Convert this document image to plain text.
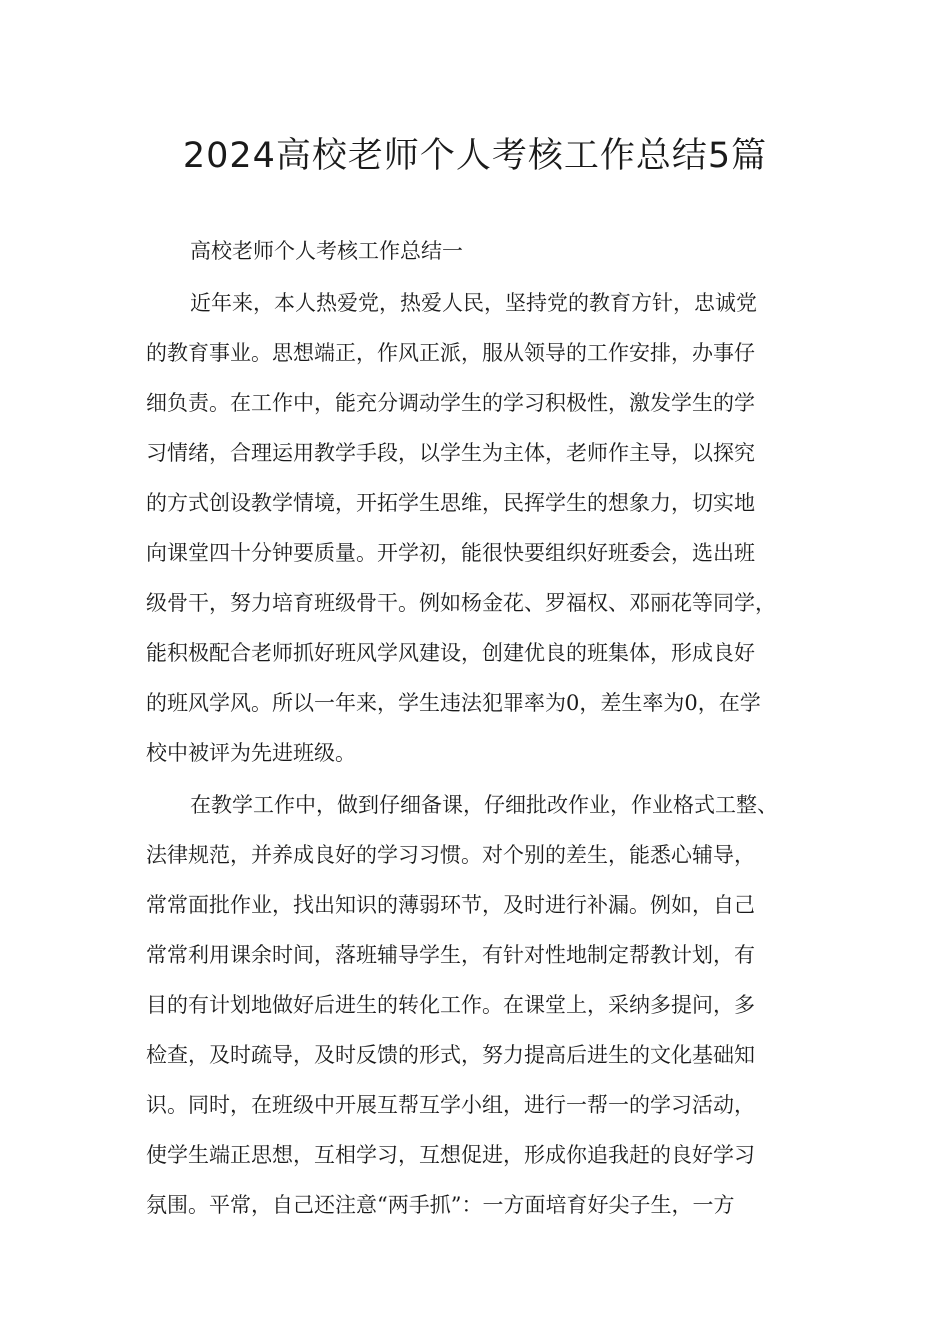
2024高校老师个人考核工作总结5篇
高校老师个人考核工作总结一
近年来，本人热爱党，热爱人民，坚持党的教育方针，忠诚党
的教育事业。思想端正，作风正派，服从领导的工作安排，办事仔
细负责。在工作中，能充分调动学生的学习积极性，激发学生的学
习情绪，合理运用教学手段，以学生为主体，老师作主导，以探究
的方式创设教学情境，开拓学生思维，民挥学生的想象力，切实地
向课堂四十分钟要质量。开学初，能很快要组织好班委会，选出班
级骨干，努力培育班级骨干。例如杨金花、罗福权、邓丽花等同学，
能积极配合老师抓好班风学风建设，创建优良的班集体，形成良好
的班风学风。所以一年来，学生违法犯罪率为0，差生率为0，在学
校中被评为先进班级。
在教学工作中，做到仔细备课，仔细批改作业，作业格式工整、
法律规范，并养成良好的学习习惯。对个别的差生，能悉心辅导，
常常面批作业，找出知识的薄弱环节，及时进行补漏。例如，自己
常常利用课余时间，落班辅导学生，有针对性地制定帮教计划，有
目的有计划地做好后进生的转化工作。在课堂上，采纳多提问，多
检查，及时疏导，及时反馈的形式，努力提高后进生的文化基础知
识。同时，在班级中开展互帮互学小组，进行一帮一的学习活动，
使学生端正思想，互相学习，互想促进，形成你追我赶的良好学习
氛围。平常，自己还注意“两手抓”：一方面培育好尖子生，一方
